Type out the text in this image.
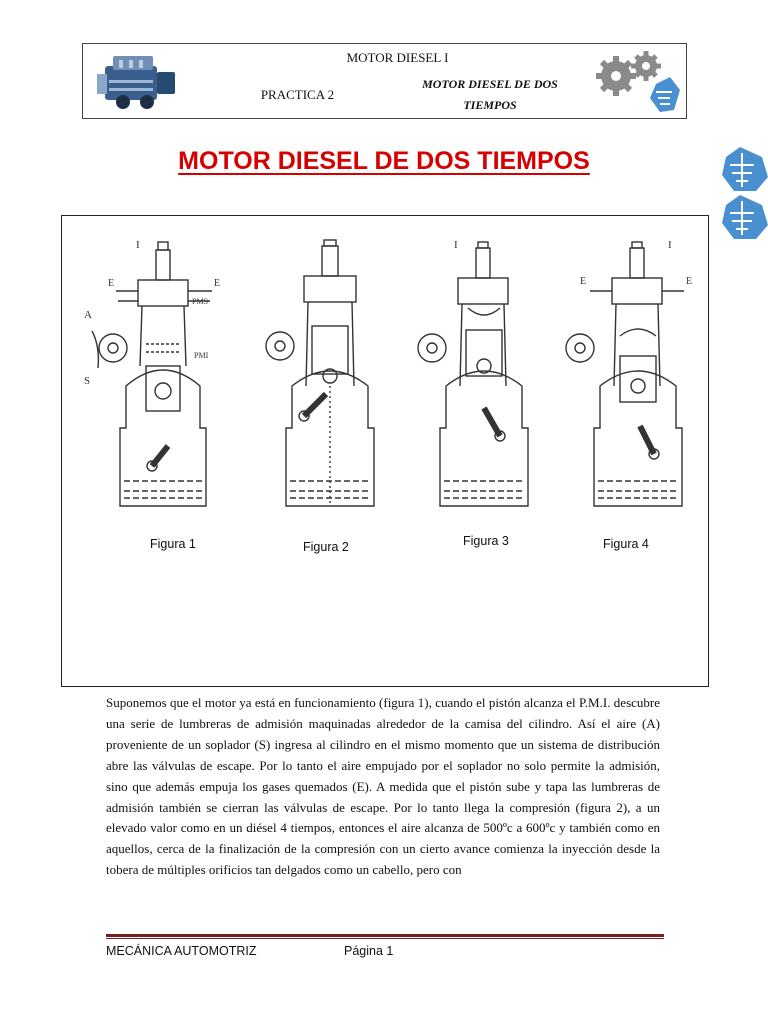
MOTOR DIESEL I
PRACTICA 2
MOTOR DIESEL DE DOS TIEMPOS
MOTOR DIESEL DE DOS TIEMPOS
I
E	E
A
S
PMS
PMI
I
E	E
I
Figura 1	Figura 2	Figura 3	Figura 4
Suponemos que el motor ya está en funcionamiento (figura 1), cuando el pistón alcanza el P.M.I. descubre una serie de lumbreras de admisión maquinadas alrededor de la camisa del cilindro. Así el aire (A) proveniente de un soplador (S) ingresa al cilindro en el mismo momento que un sistema de distribución abre las válvulas de escape. Por lo tanto el aire empujado por el soplador no solo permite la admisión, sino que además empuja los gases quemados (E). A medida que el pistón sube y tapa las lumbreras de admisión también se cierran las válvulas de escape. Por lo tanto llega la compresión (figura 2), a un elevado valor como en un diésel 4 tiempos, entonces el aire alcanza de 500ºc a 600ºc y también como en aquellos, cerca de la finalización de la compresión con un cierto avance comienza la inyección desde la tobera de múltiples orificios tan delgados como un cabello, pero con
MECÁNICA AUTOMOTRIZ	Página 1
